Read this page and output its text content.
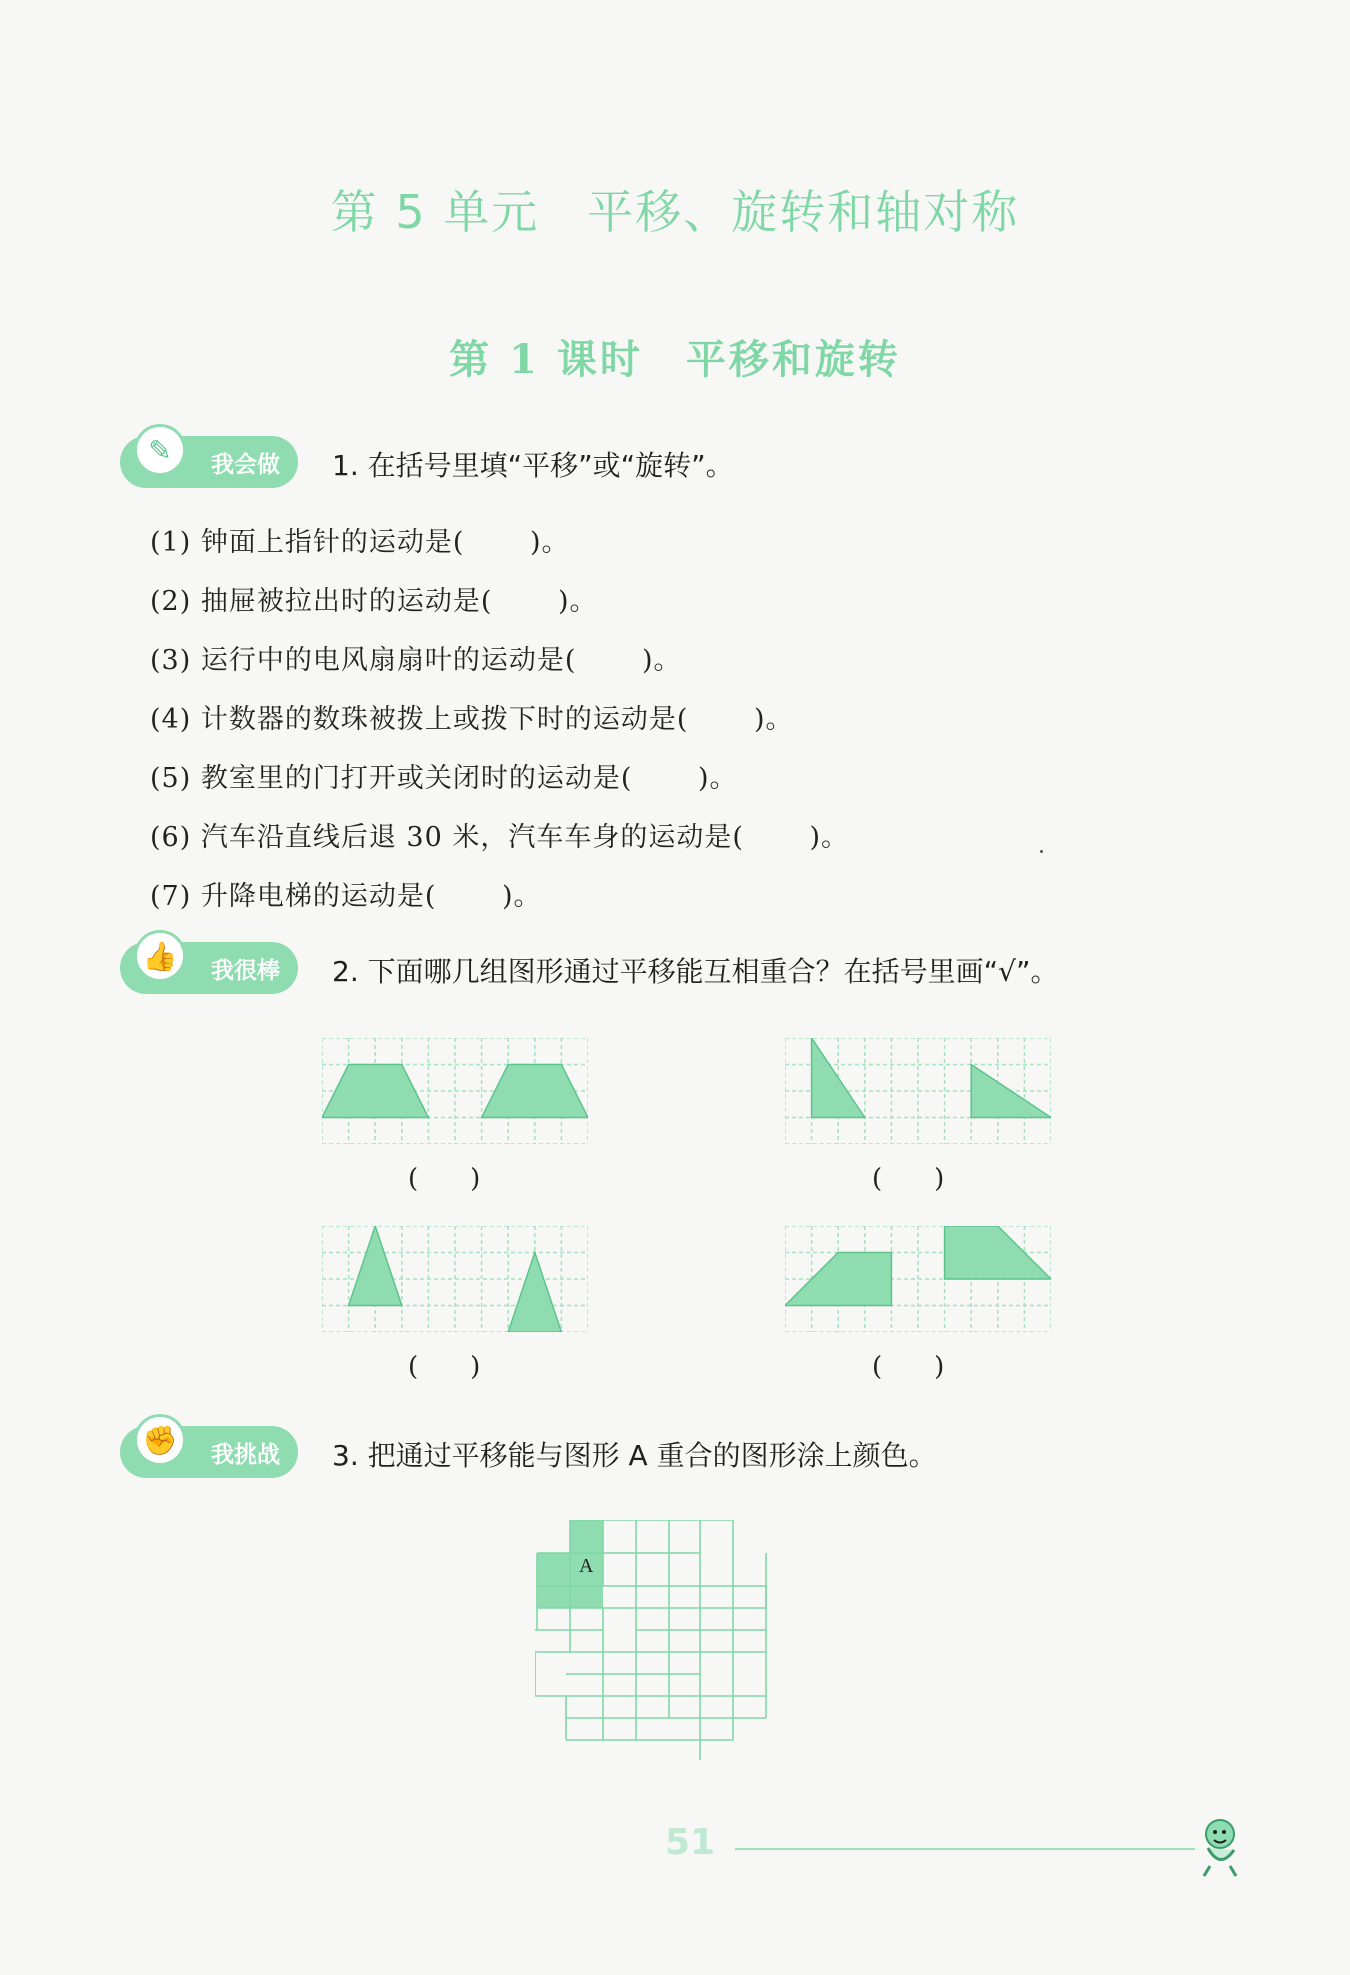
第 5 单元　平移、旋转和轴对称
第 1 课时　平移和旋转
✎	我会做 1. 在括号里填“平移”或“旋转”。
(1) 钟面上指针的运动是(　　 )。
(2) 抽屉被拉出时的运动是(　　 )。
(3) 运行中的电风扇扇叶的运动是(　　 )。
(4) 计数器的数珠被拨上或拨下时的运动是(　　 )。
(5) 教室里的门打开或关闭时的运动是(　　 )。
(6) 汽车沿直线后退 30 米，汽车车身的运动是(　　 )。
(7) 升降电梯的运动是(　　 )。
👍	我很棒 2. 下面哪几组图形通过平移能互相重合？在括号里画“√”。
(　　)	(　　)
(　　)	(　　)
✊	我挑战 3. 把通过平移能与图形 A 重合的图形涂上颜色。
A
51
